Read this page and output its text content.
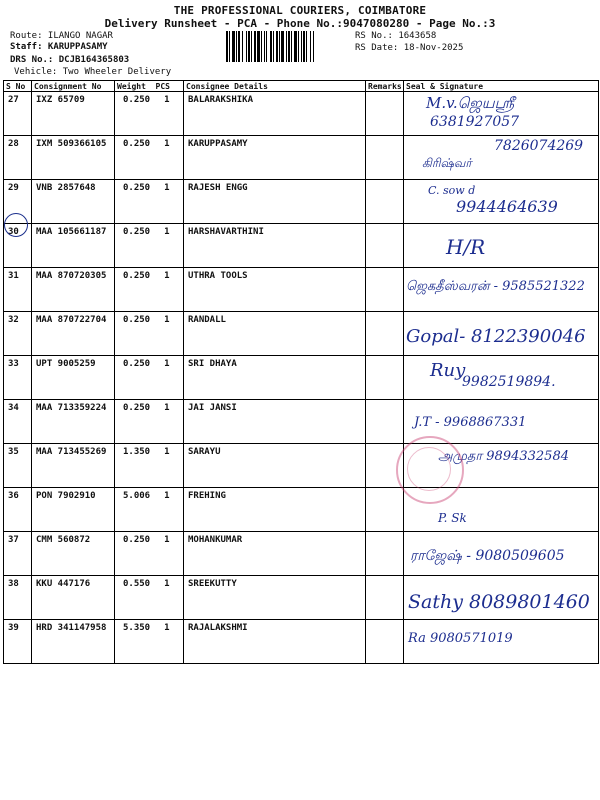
THE PROFESSIONAL COURIERS, COIMBATORE
Delivery Runsheet - PCA - Phone No.:9047080280 - Page No.:3
Route: ILANGO NAGAR
Staff: KARUPPASAMY
DRS No.: DCJB164365803
Vehicle: Two Wheeler Delivery
RS No.: 1643658
RS Date: 18-Nov-2025
S No	Consignment No	Weight PCS	Consignee Details	Remarks	Seal & Signature
27	IXZ 65709	0.250 1	BALARAKSHIKA		M.v.ஜெயஸ்ரீ
6381927057

28	IXM 509366105	0.250 1	KARUPPASAMY		7826074269
கிரிஷ்வர்

29	VNB 2857648	0.250 1	RAJESH ENGG		C. sow d
9944464639

30	MAA 105661187	0.250 1	HARSHAVARTHINI		H/R

31	MAA 870720305	0.250 1	UTHRA TOOLS		ஜெகதீஸ்வரன் - 9585521322

32	MAA 870722704	0.250 1	RANDALL		Gopal- 8122390046

33	UPT 9005259	0.250 1	SRI DHAYA		Ruy
9982519894.

34	MAA 713359224	0.250 1	JAI JANSI		J.T - 9968867331

35	MAA 713455269	1.350 1	SARAYU		அமுதா 9894332584

36	PON 7902910	5.006 1	FREHING		P. Sk

37	CMM 560872	0.250 1	MOHANKUMAR		ராஜேஷ் - 9080509605

38	KKU 447176	0.550 1	SREEKUTTY		Sathy 8089801460

39	HRD 341147958	5.350 1	RAJALAKSHMI		Ra 9080571019
